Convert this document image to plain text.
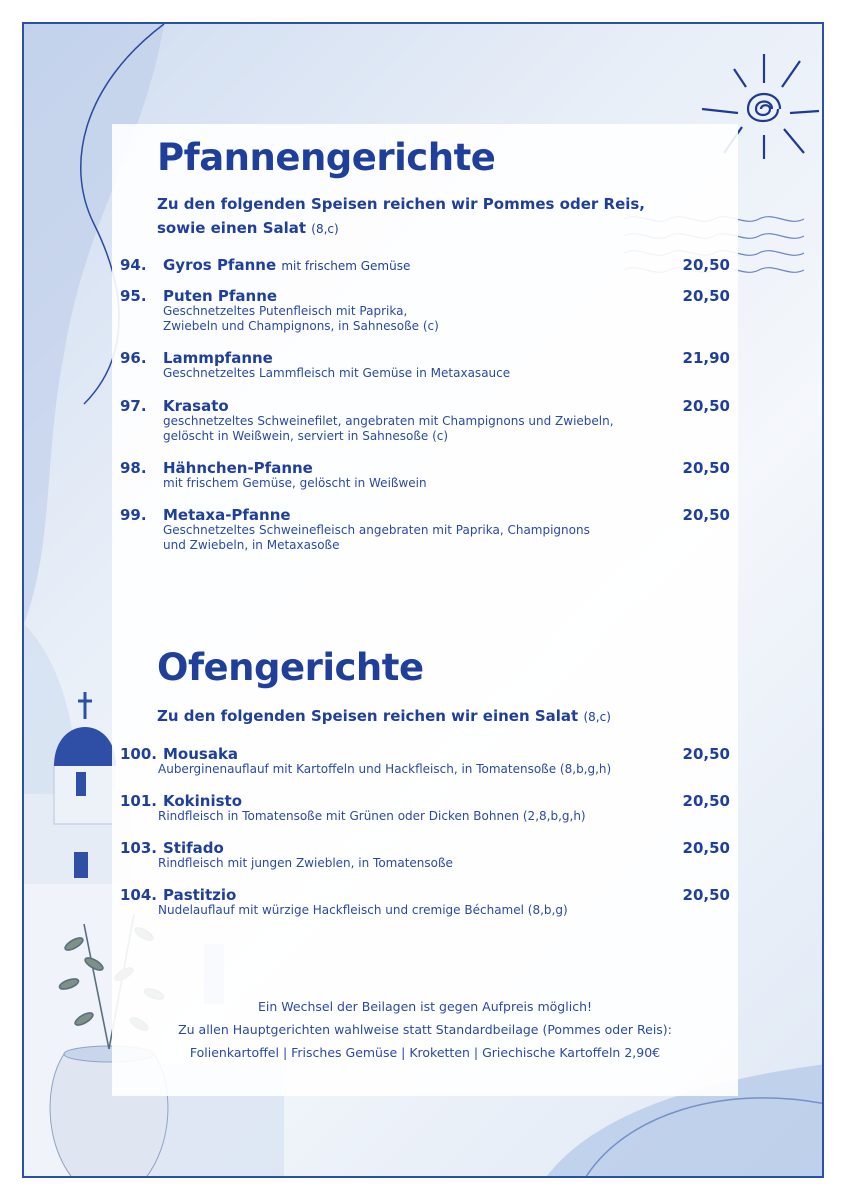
Pfannengerichte
Zu den folgenden Speisen reichen wir Pommes oder Reis,
sowie einen Salat (8,c)
94. Gyros Pfanne mit frischem Gemüse	20,50
95. Puten Pfanne
Geschnetzeltes Putenfleisch mit Paprika,
Zwiebeln und Champignons, in Sahnesoße (c)
20,50
96. Lammpfanne
Geschnetzeltes Lammfleisch mit Gemüse in Metaxasauce
21,90
97. Krasato
geschnetzeltes Schweinefilet, angebraten mit Champignons und Zwiebeln,
gelöscht in Weißwein, serviert in Sahnesoße (c)
20,50
98. Hähnchen-Pfanne
mit frischem Gemüse, gelöscht in Weißwein
20,50
99. Metaxa-Pfanne
Geschnetzeltes Schweinefleisch angebraten mit Paprika, Champignons
und Zwiebeln, in Metaxasoße
20,50
Ofengerichte
Zu den folgenden Speisen reichen wir einen Salat (8,c)
100. Mousaka
Auberginenauflauf mit Kartoffeln und Hackfleisch, in Tomatensoße (8,b,g,h)
20,50
101. Kokinisto
Rindfleisch in Tomatensoße mit Grünen oder Dicken Bohnen (2,8,b,g,h)
20,50
103. Stifado
Rindfleisch mit jungen Zwieblen, in Tomatensoße
20,50
104. Pastitzio
Nudelauflauf mit würzige Hackfleisch und cremige Béchamel (8,b,g)
20,50
Ein Wechsel der Beilagen ist gegen Aufpreis möglich!
Zu allen Hauptgerichten wahlweise statt Standardbeilage (Pommes oder Reis):
Folienkartoffel | Frisches Gemüse | Kroketten | Griechische Kartoffeln 2,90€
